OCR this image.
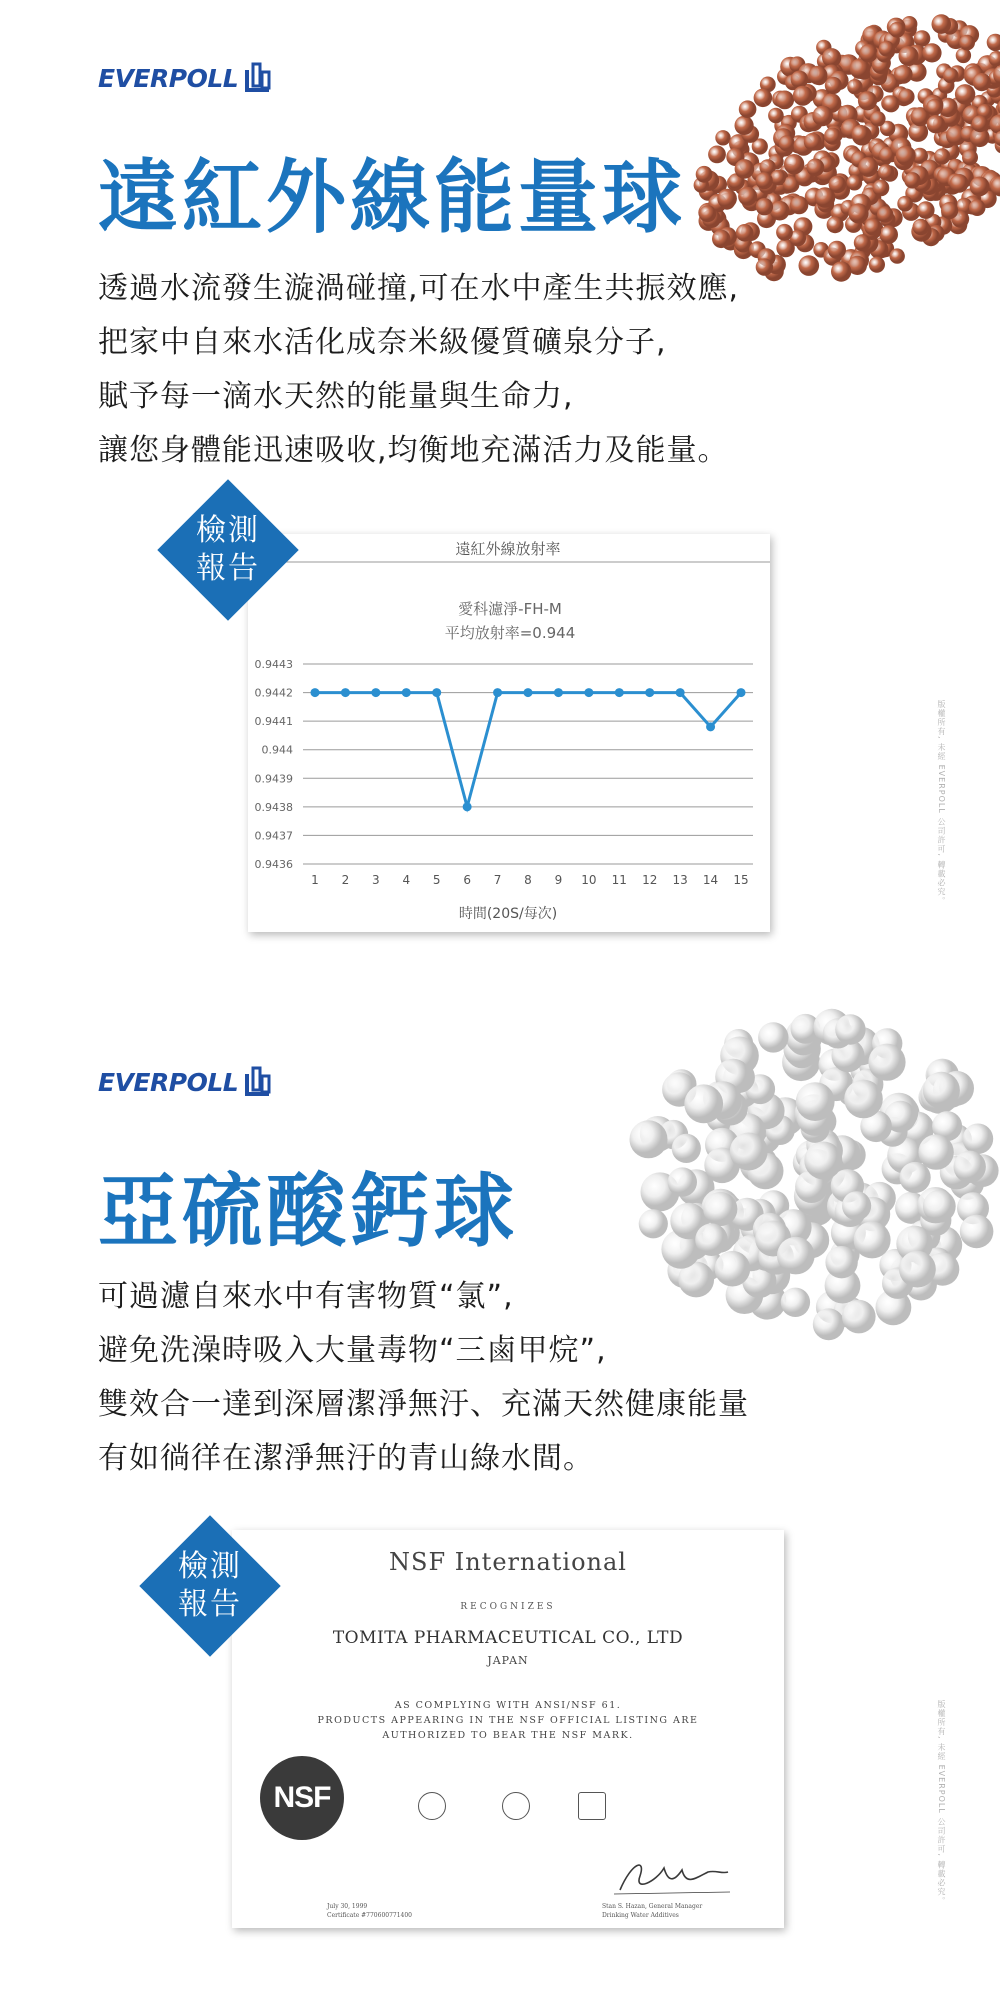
EVERPOLL
遠紅外線能量球
透過水流發生漩渦碰撞,可在水中產生共振效應,
把家中自來水活化成奈米級優質礦泉分子,
賦予每一滴水天然的能量與生命力,
讓您身體能迅速吸收,均衡地充滿活力及能量。
檢測
報告
遠紅外線放射率
愛科濾淨-FH-M
平均放射率=0.944
時間(20S/每次)
0.9443
0.9442
0.9441
0.944
0.9439
0.9438
0.9437
0.9436
1 2 3 4 5 6 7 8 9 10 11 12 13 14 15	版權所有, 未經 EVERPOLL 公司許可, 轉載必究。
EVERPOLL
亞硫酸鈣球
可過濾自來水中有害物質“氯”,
避免洗澡時吸入大量毒物“三鹵甲烷”,
雙效合一達到深層潔淨無汙、充滿天然健康能量
有如徜徉在潔淨無汙的青山綠水間。
檢測
報告
NSF International
RECOGNIZES
TOMITA PHARMACEUTICAL CO., LTD
JAPAN
AS COMPLYING WITH ANSI/NSF 61.
PRODUCTS APPEARING IN THE NSF OFFICIAL LISTING ARE
AUTHORIZED TO BEAR THE NSF MARK.
NSF
July 30, 1999
Certificate #770600771400
Stan S. Hazan, General Manager
Drinking Water Additives
版權所有, 未經 EVERPOLL 公司許可, 轉載必究。
